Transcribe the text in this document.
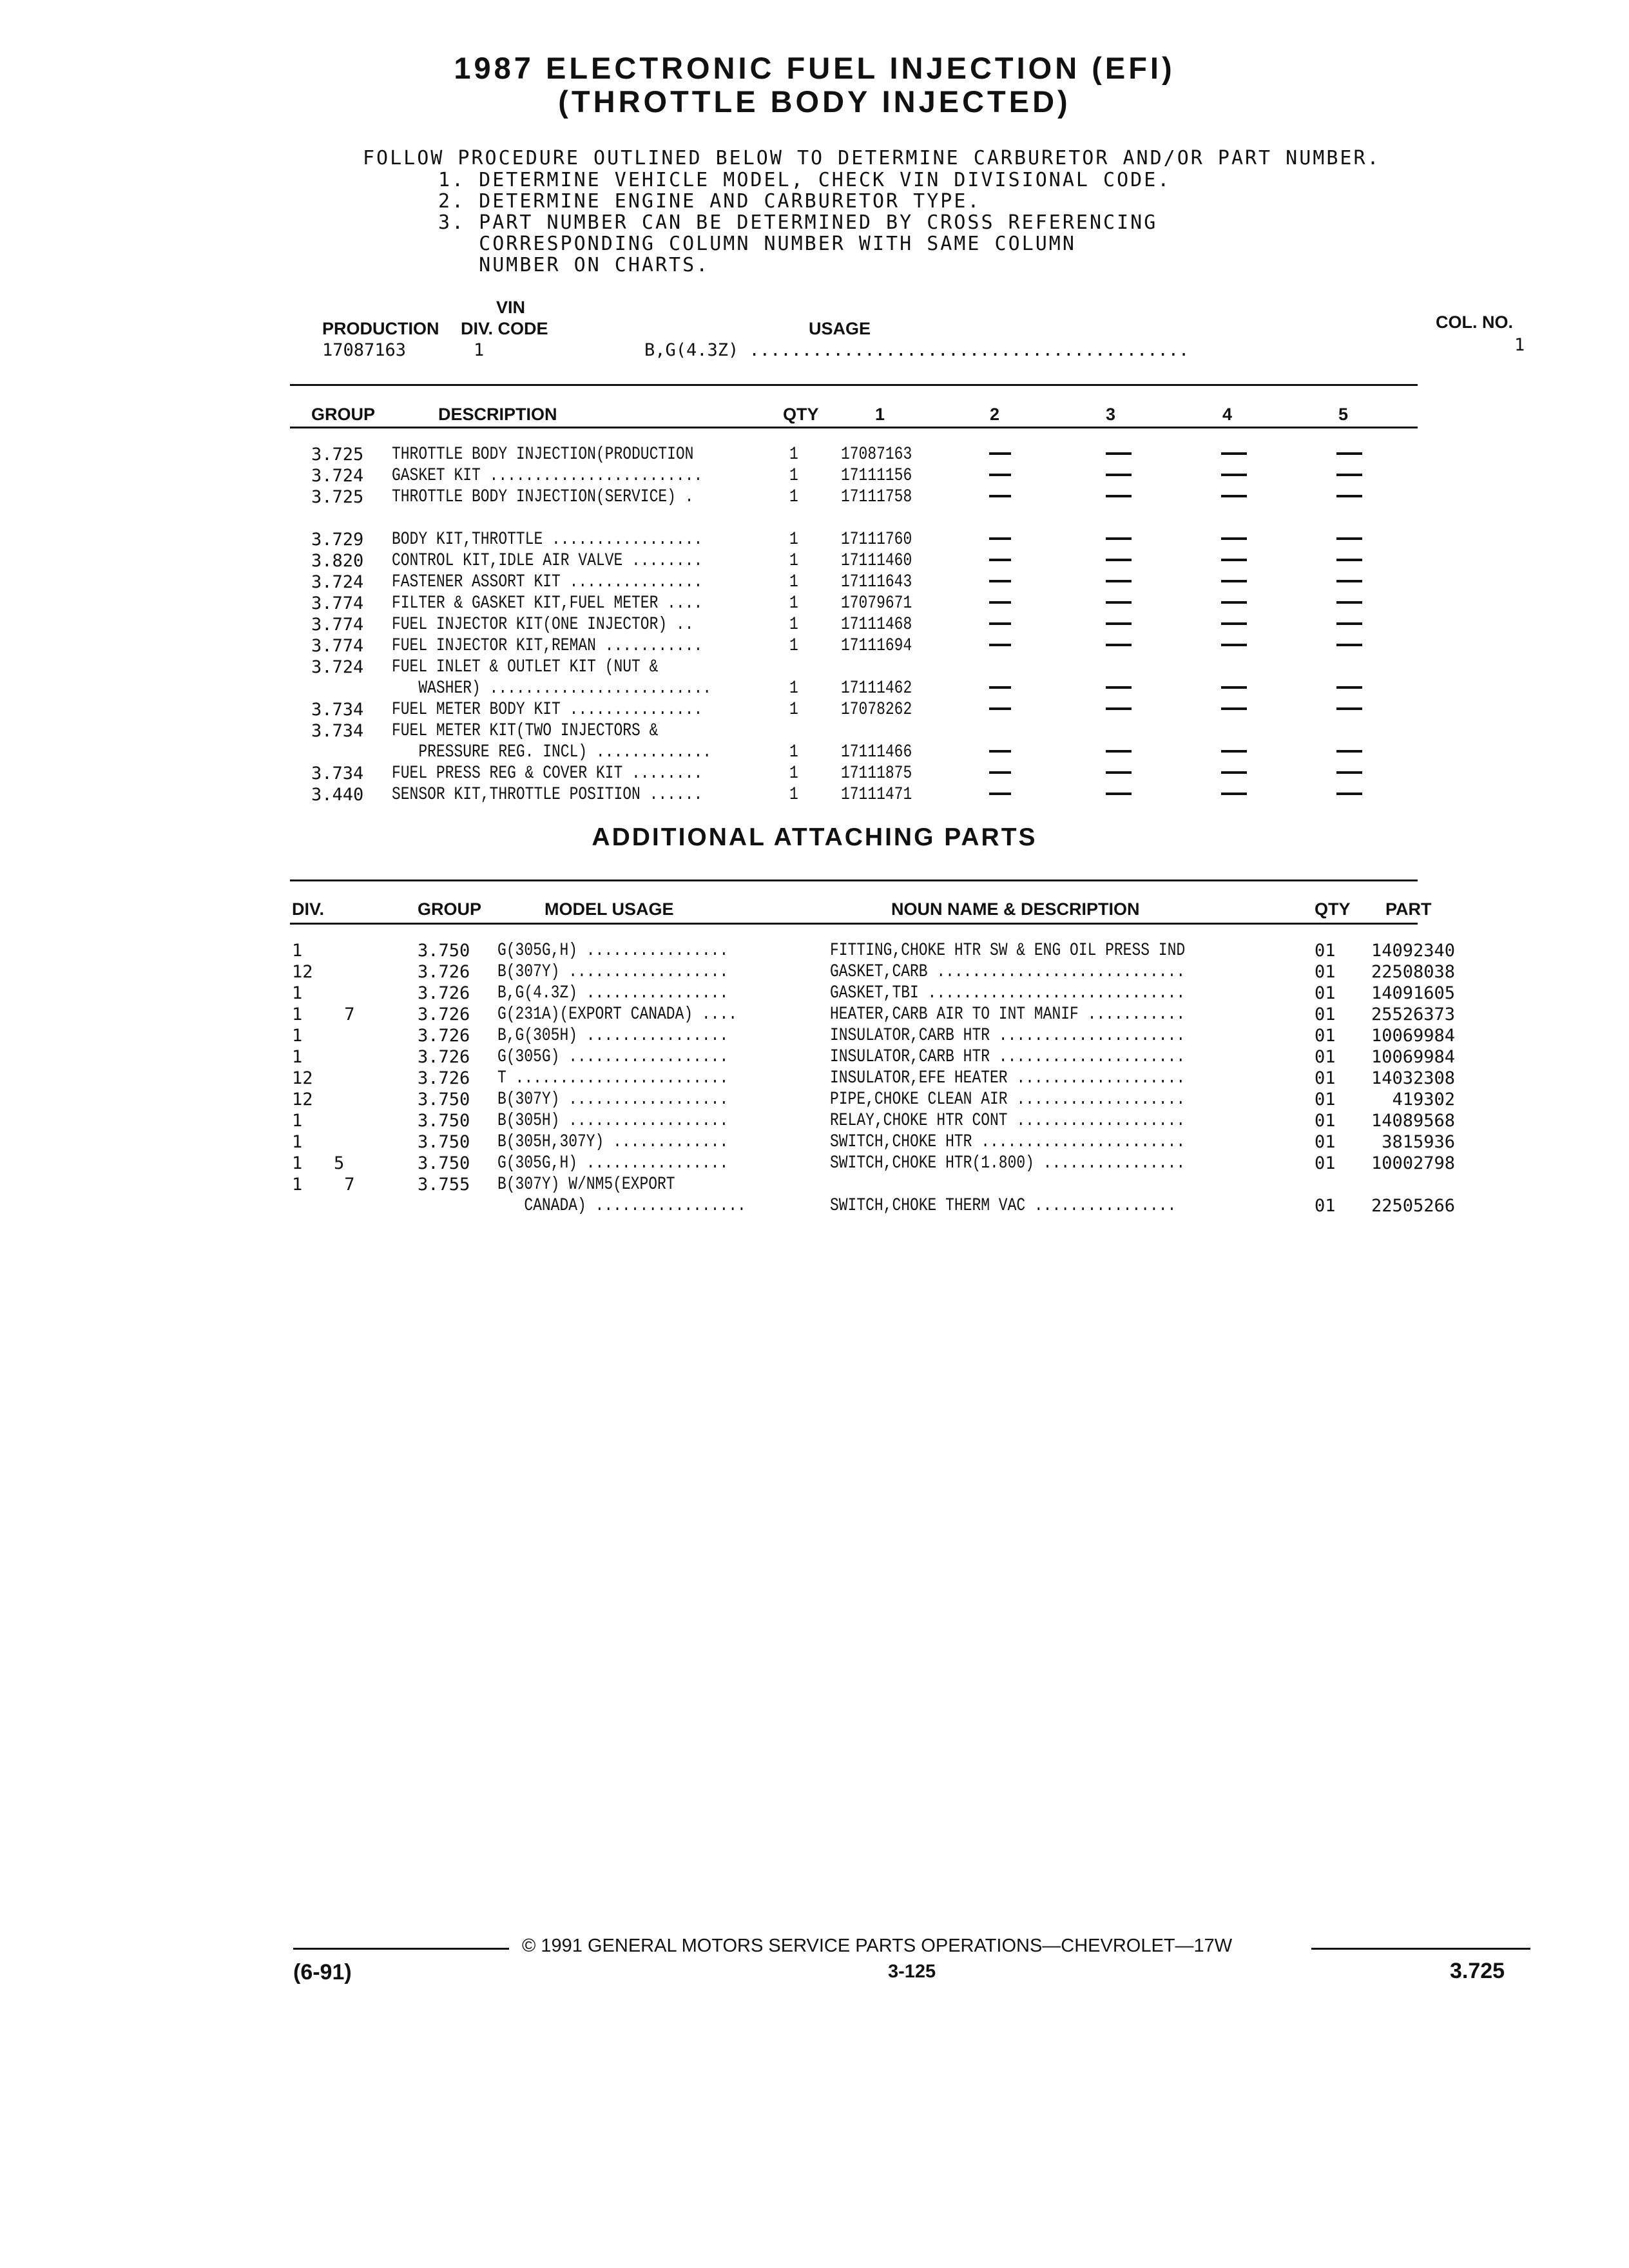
1987 ELECTRONIC FUEL INJECTION (EFI)
(THROTTLE BODY INJECTED)
FOLLOW PROCEDURE OUTLINED BELOW TO DETERMINE CARBURETOR AND/OR PART NUMBER.
1. DETERMINE VEHICLE MODEL, CHECK VIN DIVISIONAL CODE.
2. DETERMINE ENGINE AND CARBURETOR TYPE.
3. PART NUMBER CAN BE DETERMINED BY CROSS REFERENCING
CORRESPONDING COLUMN NUMBER WITH SAME COLUMN
NUMBER ON CHARTS.
VIN
PRODUCTION DIV. CODE	USAGE	COL. NO.
17087163	1	B,G(4.3Z) ..........................................	1
GROUP	DESCRIPTION	QTY	1	2	3	4	5
3.725 THROTTLE BODY INJECTION(PRODUCTION	1 17087163
3.724 GASKET KIT ........................	1 17111156
3.725 THROTTLE BODY INJECTION(SERVICE) .	1 17111758
3.729 BODY KIT,THROTTLE .................	1 17111760
3.820 CONTROL KIT,IDLE AIR VALVE ........	1 17111460
3.724 FASTENER ASSORT KIT ...............	1 17111643
3.774 FILTER & GASKET KIT,FUEL METER ....	1 17079671
3.774 FUEL INJECTOR KIT(ONE INJECTOR) ..	1 17111468
3.774 FUEL INJECTOR KIT,REMAN ...........	1 17111694
3.724 FUEL INLET & OUTLET KIT (NUT &
WASHER) .........................	1 17111462
3.734 FUEL METER BODY KIT ...............	1 17078262
3.734 FUEL METER KIT(TWO INJECTORS &
PRESSURE REG. INCL) .............	1 17111466
3.734 FUEL PRESS REG & COVER KIT ........	1 17111875
3.440 SENSOR KIT,THROTTLE POSITION ......	1 17111471
ADDITIONAL ATTACHING PARTS
DIV.	GROUP	MODEL USAGE	NOUN NAME & DESCRIPTION	QTY PART
1	3.750 G(305G,H) ................	FITTING,CHOKE HTR SW & ENG OIL PRESS IND	01	14092340
12	3.726 B(307Y) ..................	GASKET,CARB ............................	01	22508038
1	3.726 B,G(4.3Z) ................	GASKET,TBI .............................	01	14091605
1    7	3.726 G(231A)(EXPORT CANADA) ....	HEATER,CARB AIR TO INT MANIF ...........	01	25526373
1	3.726 B,G(305H) ................	INSULATOR,CARB HTR .....................	01	10069984
1	3.726 G(305G) ..................	INSULATOR,CARB HTR .....................	01	10069984
12	3.726 T ........................	INSULATOR,EFE HEATER ...................	01	14032308
12	3.750 B(307Y) ..................	PIPE,CHOKE CLEAN AIR ...................	01	419302
1	3.750 B(305H) ..................	RELAY,CHOKE HTR CONT ...................	01	14089568
1	3.750 B(305H,307Y) .............	SWITCH,CHOKE HTR .......................	01	3815936
1   5	3.750 G(305G,H) ................	SWITCH,CHOKE HTR(1.800) ................	01	10002798
1    7	3.755 B(307Y) W/NM5(EXPORT
CANADA) .................	SWITCH,CHOKE THERM VAC ................	01	22505266
© 1991 GENERAL MOTORS SERVICE PARTS OPERATIONS—CHEVROLET—17W
(6-91)	3-125	3.725
